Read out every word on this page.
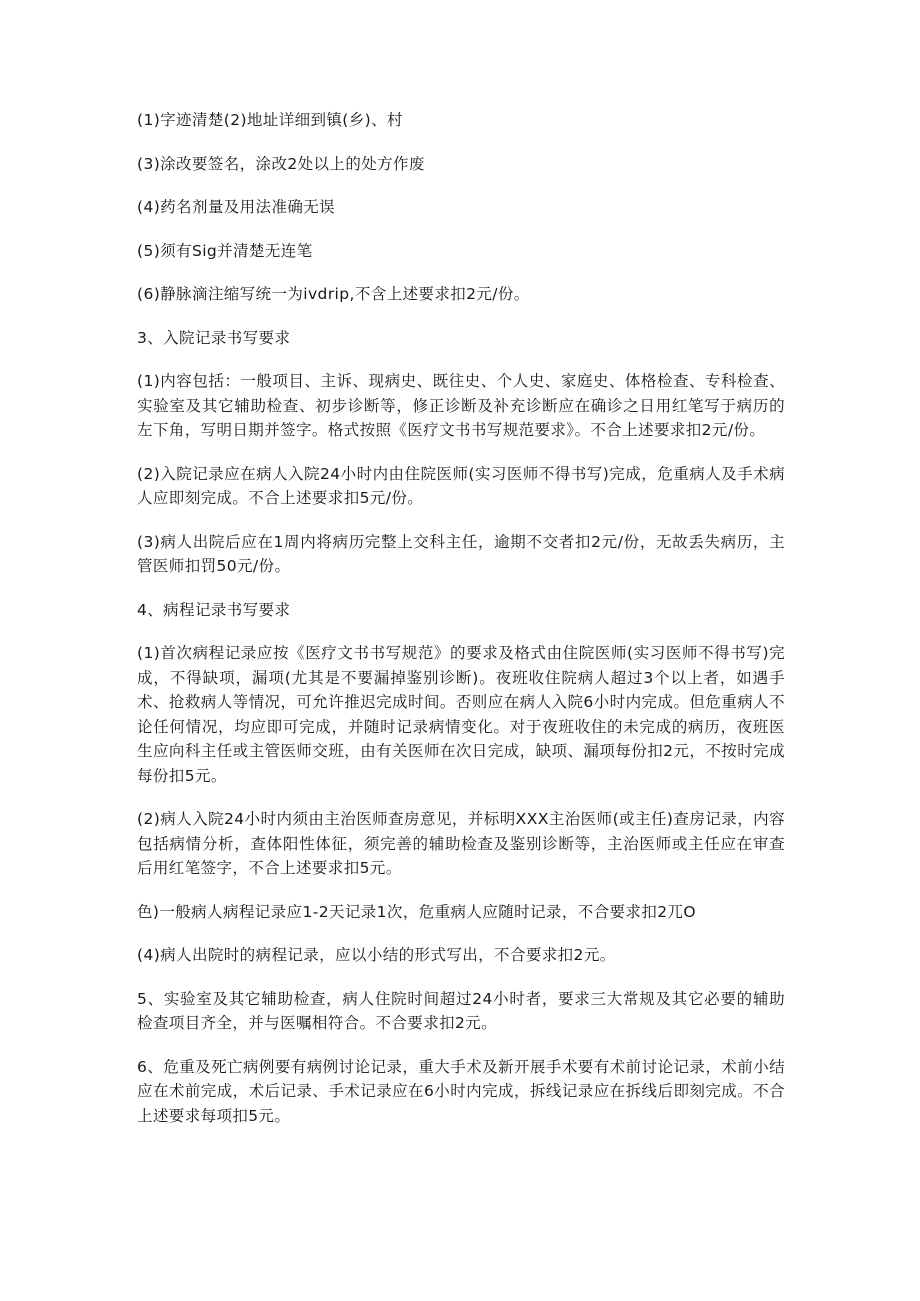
(1)字迹清楚(2)地址详细到镇(乡)、村

(3)涂改要签名，涂改2处以上的处方作废

(4)药名剂量及用法准确无误

(5)须有Sig并清楚无连笔

(6)静脉滴注缩写统一为ivdrip,不含上述要求扣2元/份。

3、入院记录书写要求

(1)内容包括：一般项目、主诉、现病史、既往史、个人史、家庭史、体格检查、专科检查、实验室及其它辅助检查、初步诊断等，修正诊断及补充诊断应在确诊之日用红笔写于病历的左下角，写明日期并签字。格式按照《医疗文书书写规范要求》。不合上述要求扣2元/份。

(2)入院记录应在病人入院24小时内由住院医师(实习医师不得书写)完成，危重病人及手术病人应即刻完成。不合上述要求扣5元/份。

(3)病人出院后应在1周内将病历完整上交科主任，逾期不交者扣2元/份，无故丢失病历，主管医师扣罚50元/份。

4、病程记录书写要求

(1)首次病程记录应按《医疗文书书写规范》的要求及格式由住院医师(实习医师不得书写)完成，不得缺项，漏项(尤其是不要漏掉鉴别诊断)。夜班收住院病人超过3个以上者，如遇手术、抢救病人等情况，可允许推迟完成时间。否则应在病人入院6小时内完成。但危重病人不论任何情况，均应即可完成，并随时记录病情变化。对于夜班收住的未完成的病历，夜班医生应向科主任或主管医师交班，由有关医师在次日完成，缺项、漏项每份扣2元，不按时完成每份扣5元。

(2)病人入院24小时内须由主治医师查房意见，并标明XXX主治医师(或主任)查房记录，内容包括病情分析，查体阳性体征，须完善的辅助检查及鉴别诊断等，主治医师或主任应在审查后用红笔签字，不合上述要求扣5元。

色)一般病人病程记录应1-2天记录1次，危重病人应随时记录，不合要求扣2兀O

(4)病人出院时的病程记录，应以小结的形式写出，不合要求扣2元。

5、实验室及其它辅助检查，病人住院时间超过24小时者，要求三大常规及其它必要的辅助检查项目齐全，并与医嘱相符合。不合要求扣2元。

6、危重及死亡病例要有病例讨论记录，重大手术及新开展手术要有术前讨论记录，术前小结应在术前完成，术后记录、手术记录应在6小时内完成，拆线记录应在拆线后即刻完成。不合上述要求每项扣5元。
